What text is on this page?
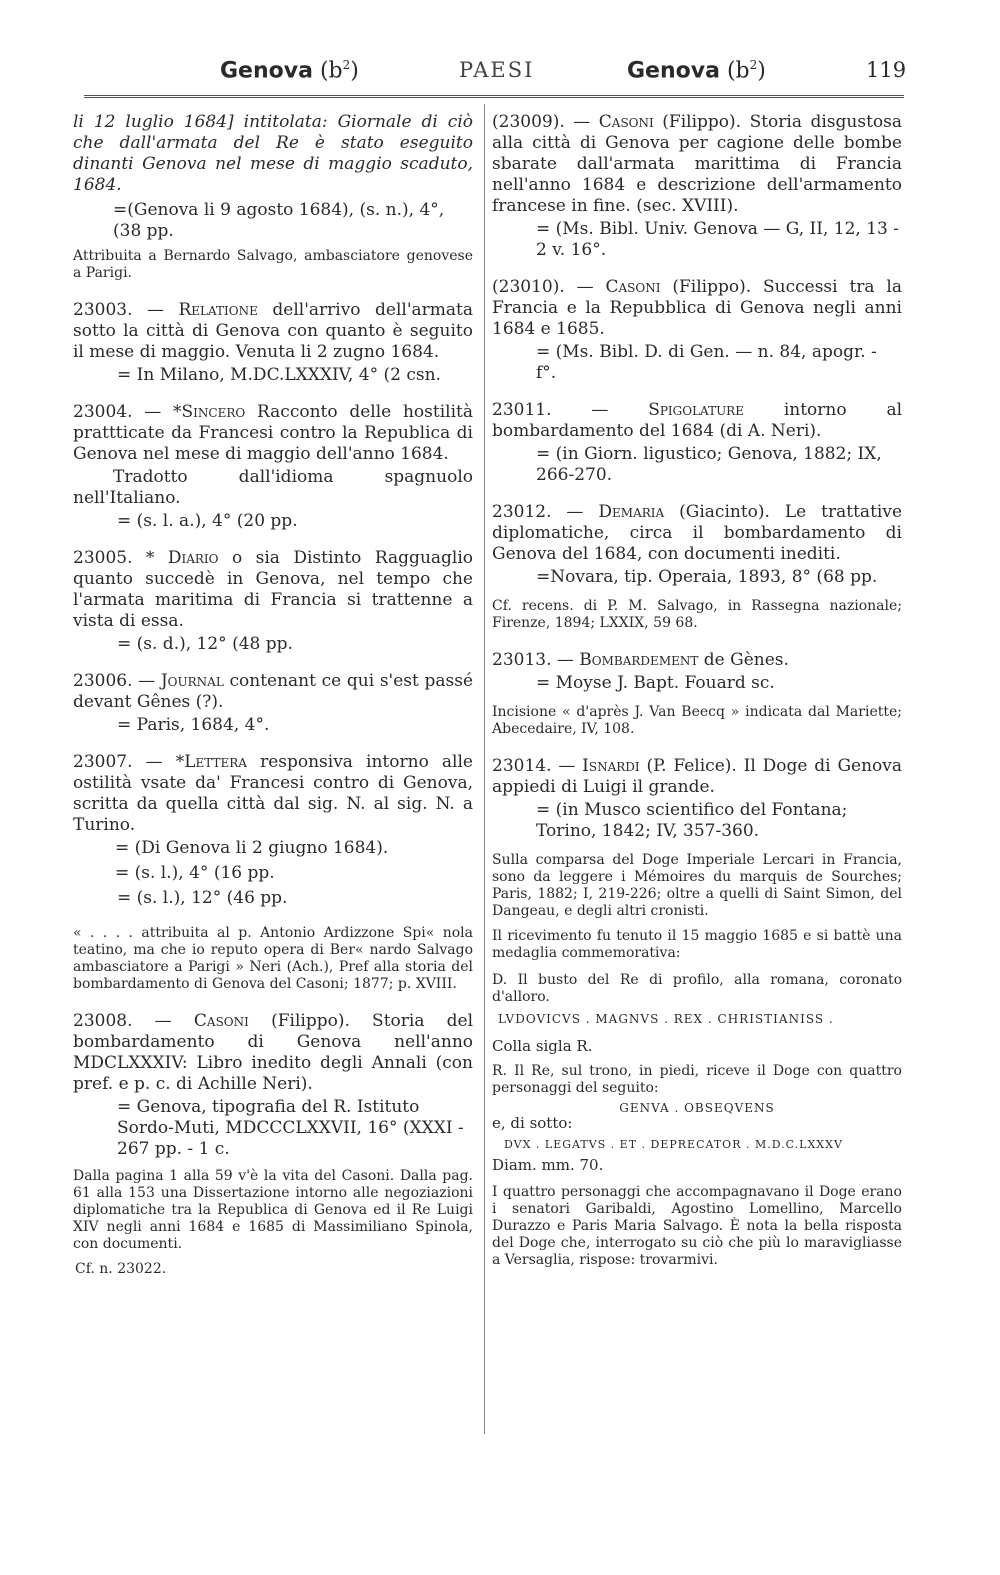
Genova $(b^2)$	PAESI	Genova $(b^2)$	119

li 12 luglio 1684] intitolata: Giornale di ciò che dall'armata del Re è stato eseguito dinanti Genova nel mese di maggio scaduto, 1684.

=(Genova li 9 agosto 1684), (s. n.), 4°, (38 pp.

Attribuita a Bernardo Salvago, ambasciatore genovese a Parigi.

23003. — Relatione dell'arrivo dell'armata sotto la città di Genova con quanto è seguito il mese di maggio. Venuta li 2 zugno 1684.

= In Milano, M.DC.LXXXIV, 4° (2 csn.

23004. — *Sincero Racconto delle hostilità prattticate da Francesi contro la Republica di Genova nel mese di maggio dell'anno 1684.

Tradotto dall'idioma spagnuolo nell'Italiano.

= (s. l. a.), 4° (20 pp.

23005. * Diario o sia Distinto Ragguaglio quanto succedè in Genova, nel tempo che l'armata maritima di Francia si trattenne a vista di essa.

= (s. d.), 12° (48 pp.

23006. — Journal contenant ce qui s'est passé devant Gênes (?).

= Paris, 1684, 4°.

23007. — *Lettera responsiva intorno alle ostilità vsate da' Francesi contro di Genova, scritta da quella città dal sig. N. al sig. N. a Turino.

= (Di Genova li 2 giugno 1684).

= (s. l.), 4° (16 pp.

= (s. l.), 12° (46 pp.

« . . . . attribuita al p. Antonio Ardizzone Spi« nola teatino, ma che io reputo opera di Ber« nardo Salvago ambasciatore a Parigi » Neri (Ach.), Pref alla storia del bombardamento di Genova del Casoni; 1877; p. XVIII.

23008. — Casoni (Filippo). Storia del bombardamento di Genova nell'anno MDCLXXXIV: Libro inedito degli Annali (con pref. e p. c. di Achille Neri).

= Genova, tipografia del R. Istituto Sordo-Muti, MDCCCLXXVII, 16° (XXXI - 267 pp. - 1 c.

Dalla pagina 1 alla 59 v'è la vita del Casoni. Dalla pag. 61 alla 153 una Dissertazione intorno alle negoziazioni diplomatiche tra la Republica di Genova ed il Re Luigi XIV negli anni 1684 e 1685 di Massimiliano Spinola, con documenti.

Cf. n. 23022.

(23009). — Casoni (Filippo). Storia disgustosa alla città di Genova per cagione delle bombe sbarate dall'armata marittima di Francia nell'anno 1684 e descrizione dell'armamento francese in fine. (sec. XVIII).

= (Ms. Bibl. Univ. Genova — G, II, 12, 13 - 2 v. 16°.

(23010). — Casoni (Filippo). Successi tra la Francia e la Repubblica di Genova negli anni 1684 e 1685.

= (Ms. Bibl. D. di Gen. — n. 84, apogr. - f°.

23011. — Spigolature intorno al bombardamento del 1684 (di A. Neri).

= (in Giorn. ligustico; Genova, 1882; IX, 266-270.

23012. — Demaria (Giacinto). Le trattative diplomatiche, circa il bombardamento di Genova del 1684, con documenti inediti.

=Novara, tip. Operaia, 1893, 8° (68 pp.

Cf. recens. di P. M. Salvago, in Rassegna nazionale; Firenze, 1894; LXXIX, 59 68.

23013. — Bombardement de Gènes.

= Moyse J. Bapt. Fouard sc.

Incisione « d'après J. Van Beecq » indicata dal Mariette; Abecedaire, IV, 108.

23014. — Isnardi (P. Felice). Il Doge di Genova appiedi di Luigi il grande.

= (in Musco scientifico del Fontana; Torino, 1842; IV, 357-360.

Sulla comparsa del Doge Imperiale Lercari in Francia, sono da leggere i Mémoires du marquis de Sourches; Paris, 1882; I, 219-226; oltre a quelli di Saint Simon, del Dangeau, e degli altri cronisti.

Il ricevimento fu tenuto il 15 maggio 1685 e si battè una medaglia commemorativa:

D. Il busto del Re di profilo, alla romana, coronato d'alloro.

LVDOVICVS . MAGNVS . REX . CHRISTIANISS .

Colla sigla R.

R. Il Re, sul trono, in piedi, riceve il Doge con quattro personaggi del seguito:

GENVA . OBSEQVENS

e, di sotto:

DVX . LEGATVS . ET . DEPRECATOR . M.D.C.LXXXV

Diam. mm. 70.

I quattro personaggi che accompagnavano il Doge erano i senatori Garibaldi, Agostino Lomellino, Marcello Durazzo e Paris Maria Salvago. È nota la bella risposta del Doge che, interrogato su ciò che più lo maravigliasse a Versaglia, rispose: trovarmivi.
